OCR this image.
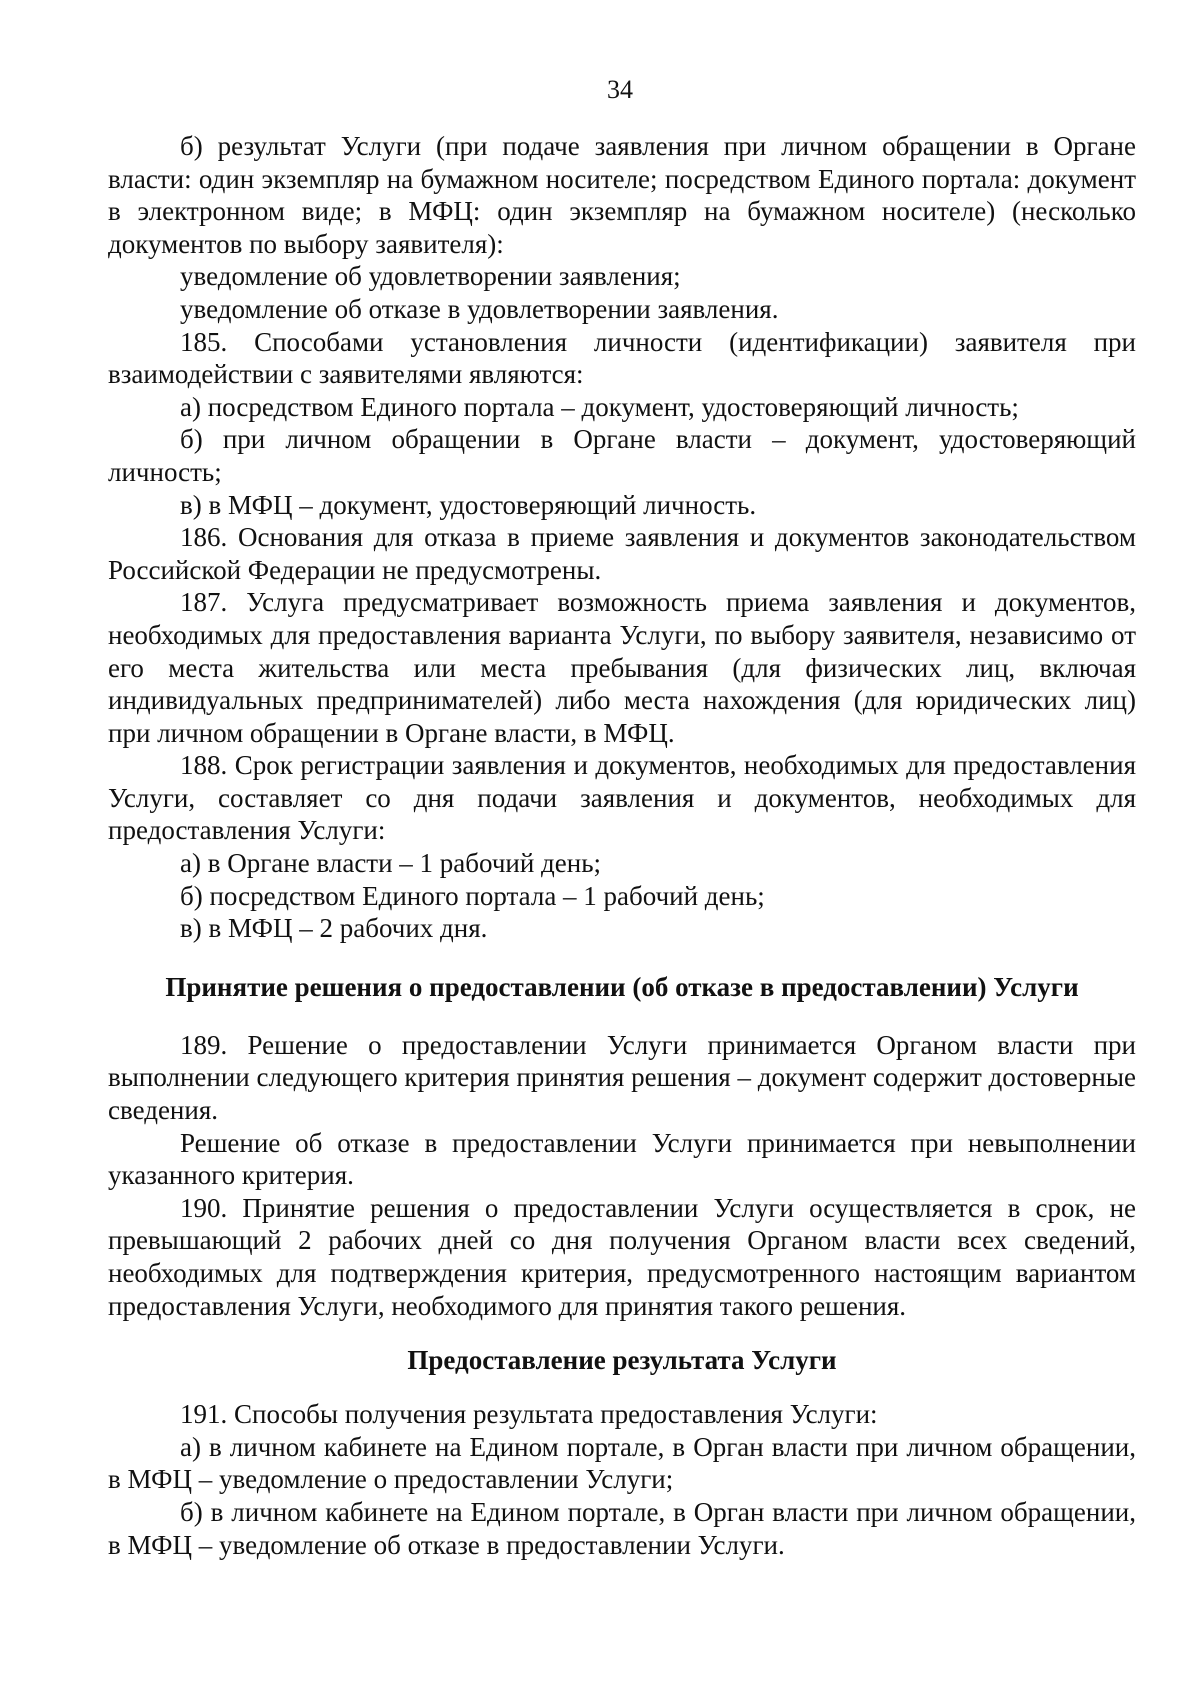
34

б) результат Услуги (при подаче заявления при личном обращении в Органе власти: один экземпляр на бумажном носителе; посредством Единого портала: документ в электронном виде; в МФЦ: один экземпляр на бумажном носителе) (несколько документов по выбору заявителя):

уведомление об удовлетворении заявления;

уведомление об отказе в удовлетворении заявления.

185. Способами установления личности (идентификации) заявителя при взаимодействии с заявителями являются:

а) посредством Единого портала – документ, удостоверяющий личность;

б) при личном обращении в Органе власти – документ, удостоверяющий личность;

в) в МФЦ – документ, удостоверяющий личность.

186. Основания для отказа в приеме заявления и документов законодательством Российской Федерации не предусмотрены.

187. Услуга предусматривает возможность приема заявления и документов, необходимых для предоставления варианта Услуги, по выбору заявителя, независимо от его места жительства или места пребывания (для физических лиц, включая индивидуальных предпринимателей) либо места нахождения (для юридических лиц) при личном обращении в Органе власти, в МФЦ.

188. Срок регистрации заявления и документов, необходимых для предоставления Услуги, составляет со дня подачи заявления и документов, необходимых для предоставления Услуги:

а) в Органе власти – 1 рабочий день;

б) посредством Единого портала – 1 рабочий день;

в) в МФЦ – 2 рабочих дня.

Принятие решения о предоставлении (об отказе в предоставлении) Услуги

189. Решение о предоставлении Услуги принимается Органом власти при выполнении следующего критерия принятия решения – документ содержит достоверные сведения.

Решение об отказе в предоставлении Услуги принимается при невыполнении указанного критерия.

190. Принятие решения о предоставлении Услуги осуществляется в срок, не превышающий 2 рабочих дней со дня получения Органом власти всех сведений, необходимых для подтверждения критерия, предусмотренного настоящим вариантом предоставления Услуги, необходимого для принятия такого решения.

Предоставление результата Услуги

191. Способы получения результата предоставления Услуги:

а) в личном кабинете на Едином портале, в Орган власти при личном обращении, в МФЦ – уведомление о предоставлении Услуги;

б) в личном кабинете на Едином портале, в Орган власти при личном обращении, в МФЦ – уведомление об отказе в предоставлении Услуги.
